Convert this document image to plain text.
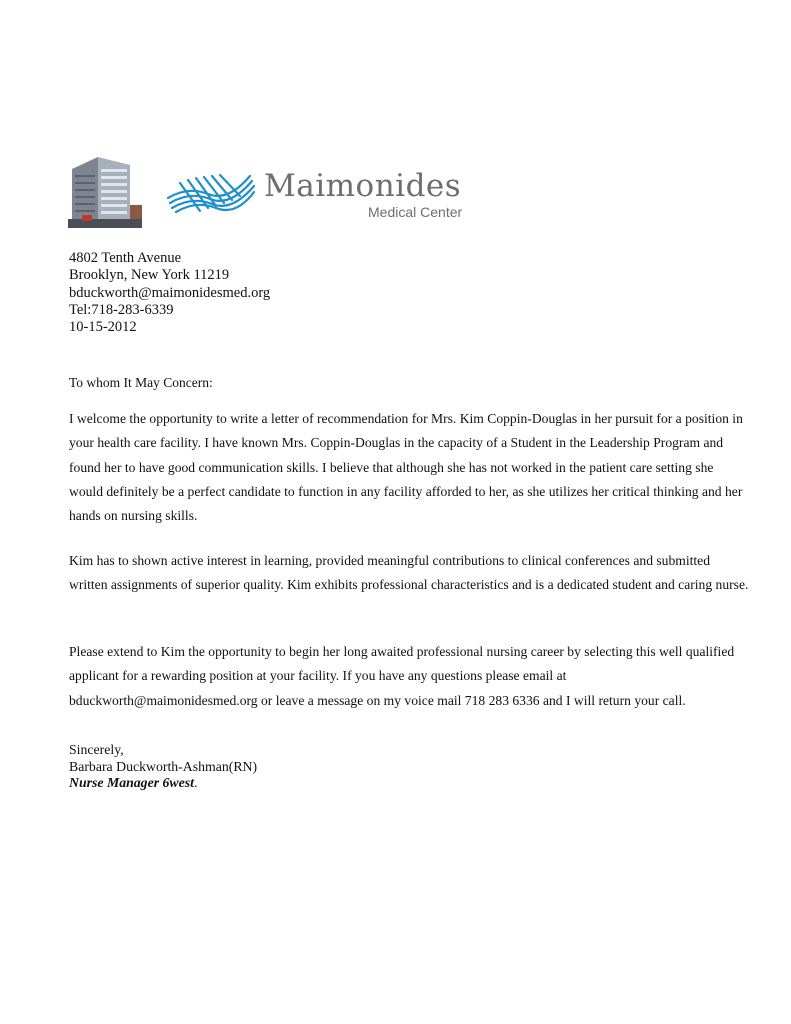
Maimonides
Medical Center
4802 Tenth Avenue
Brooklyn, New York 11219
bduckworth@maimonidesmed.org
Tel:718-283-6339
10-15-2012
To whom It May Concern:
I welcome the opportunity to write a letter of recommendation for Mrs. Kim Coppin-Douglas in her pursuit for a position in your health care facility. I have known Mrs. Coppin-Douglas in the capacity of a Student in the Leadership Program and found her to have good communication skills. I believe that although she has not worked in the patient care setting she would definitely be a perfect candidate to function in any facility afforded to her, as she utilizes her critical thinking and her hands on nursing skills.
Kim has to shown active interest in learning, provided meaningful contributions to clinical conferences and submitted written assignments of superior quality. Kim exhibits professional characteristics and is a dedicated student and caring nurse.
Please extend to Kim the opportunity to begin her long awaited professional nursing career by selecting this well qualified applicant for a rewarding position at your facility. If you have any questions please email at bduckworth@maimonidesmed.org or leave a message on my voice mail 718 283 6336 and I will return your call.
Sincerely,
Barbara Duckworth-Ashman(RN)
Nurse Manager 6west.
